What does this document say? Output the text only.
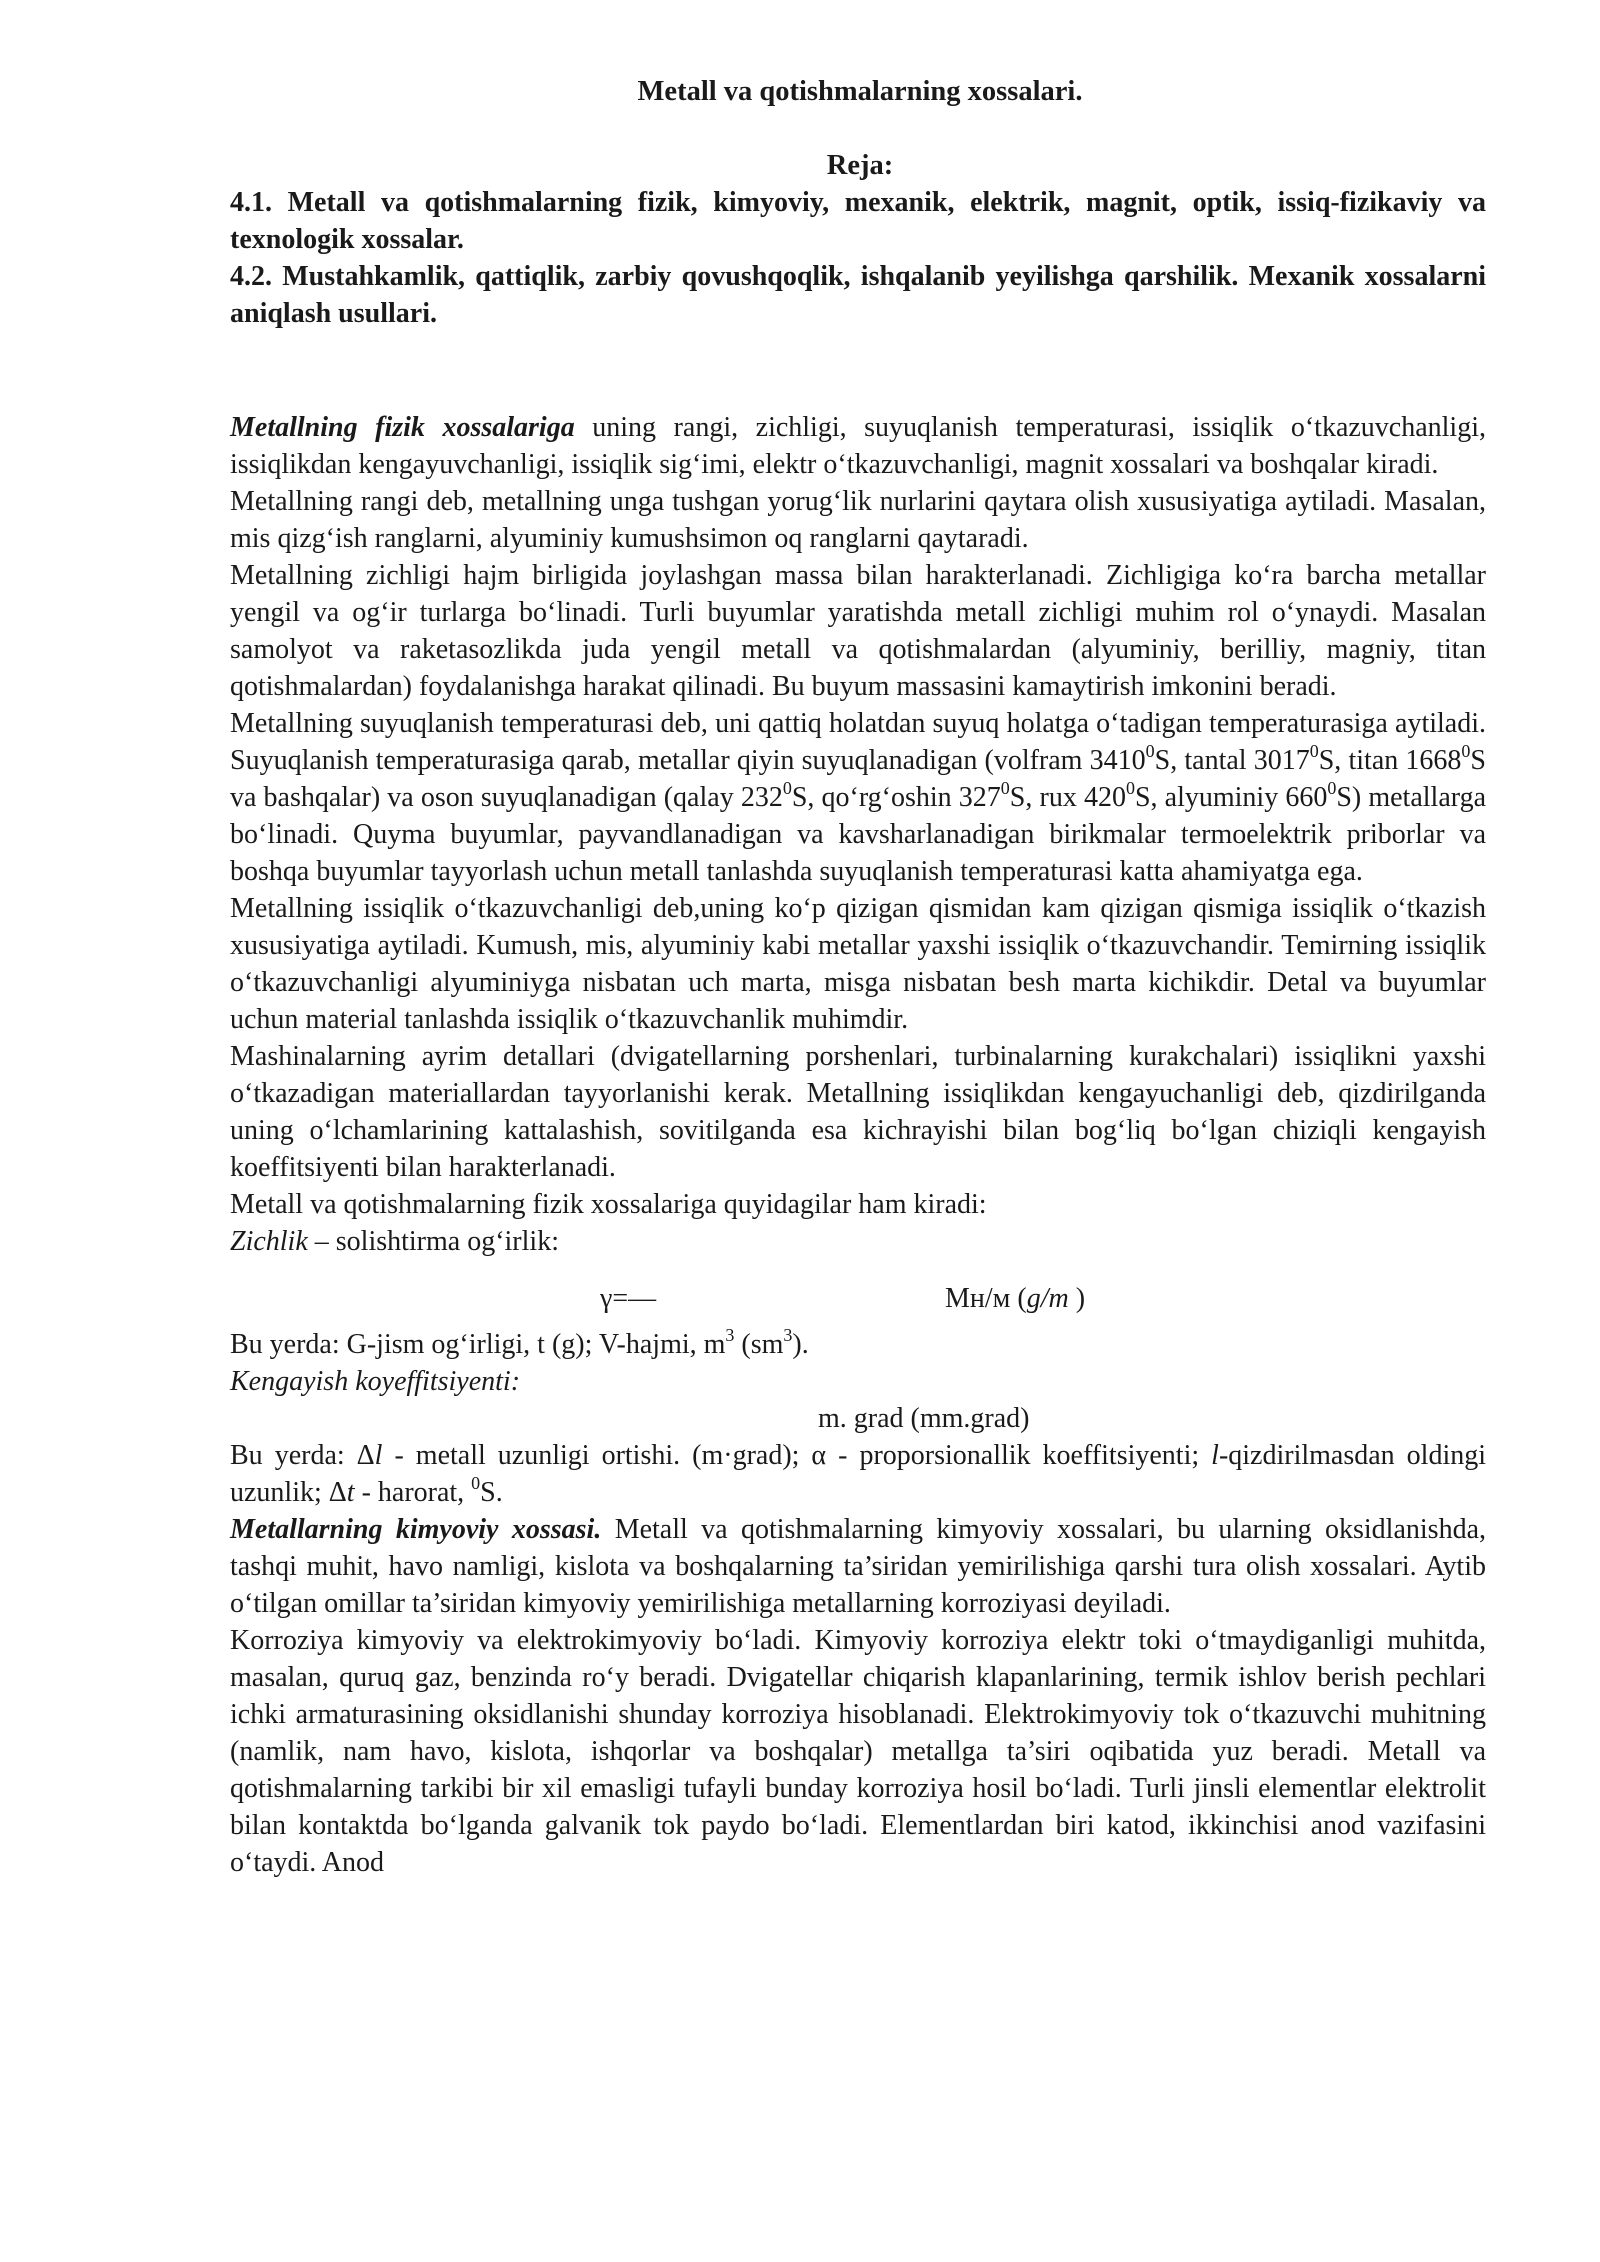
Metall va qotishmalarning xossalari.
Reja:

4.1. Metall va qotishmalarning fizik, kimyoviy, mexanik, elektrik, magnit, optik, issiq-fizikaviy va texnologik xossalar.

4.2. Mustahkamlik, qattiqlik, zarbiy qovushqoqlik, ishqalanib yeyilishga qarshilik. Mexanik xossalarni aniqlash usullari.

Metallning fizik xossalariga uning rangi, zichligi, suyuqlanish temperaturasi, issiqlik o‘tkazuvchanligi, issiqlikdan kengayuvchanligi, issiqlik sig‘imi, elektr o‘tkazuvchanligi, magnit xossalari va boshqalar kiradi.

Metallning rangi deb, metallning unga tushgan yorug‘lik nurlarini qaytara olish xususiyatiga aytiladi. Masalan, mis qizg‘ish ranglarni, alyuminiy kumushsimon oq ranglarni qaytaradi.

Metallning zichligi hajm birligida joylashgan massa bilan harakterlanadi. Zichligiga ko‘ra barcha metallar yengil va og‘ir turlarga bo‘linadi. Turli buyumlar yaratishda metall zichligi muhim rol o‘ynaydi. Masalan samolyot va raketasozlikda juda yengil metall va qotishmalardan (alyuminiy, berilliy, magniy, titan qotishmalardan) foydalanishga harakat qilinadi. Bu buyum massasini kamaytirish imkonini beradi.

Metallning suyuqlanish temperaturasi deb, uni qattiq holatdan suyuq holatga o‘tadigan temperaturasiga aytiladi. Suyuqlanish temperaturasiga qarab, metallar qiyin suyuqlanadigan (volfram 3410$^0$S, tantal 3017$^0$S, titan 1668$^0$S va bashqalar) va oson suyuqlanadigan (qalay $232^0S$, qo‘rg‘oshin $327^0S$, rux $420^0S$, alyuminiy $660^0S$) metallarga bo‘linadi. Quyma buyumlar, payvandlanadigan va kavsharlanadigan birikmalar termoelektrik priborlar va boshqa buyumlar tayyorlash uchun metall tanlashda suyuqlanish temperaturasi katta ahamiyatga ega.

Metallning issiqlik o‘tkazuvchanligi deb,uning ko‘p qizigan qismidan kam qizigan qismiga issiqlik o‘tkazish xususiyatiga aytiladi. Kumush, mis, alyuminiy kabi metallar yaxshi issiqlik o‘tkazuvchandir. Temirning issiqlik o‘tkazuvchanligi alyuminiyga nisbatan uch marta, misga nisbatan besh marta kichikdir. Detal va buyumlar uchun material tanlashda issiqlik o‘tkazuvchanlik muhimdir.

Mashinalarning ayrim detallari (dvigatellarning porshenlari, turbinalarning kurakchalari) issiqlikni yaxshi o‘tkazadigan materiallardan tayyorlanishi kerak. Metallning issiqlikdan kengayuchanligi deb, qizdirilganda uning o‘lchamlarining kattalashish, sovitilganda esa kichrayishi bilan bog‘liq bo‘lgan chiziqli kengayish koeffitsiyenti bilan harakterlanadi.

Metall va qotishmalarning fizik xossalariga quyidagilar ham kiradi:

Zichlik – solishtirma og‘irlik:

γ=—	Мн/м (g/m )

Bu yerda: G-jism og‘irligi, t (g); V-hajmi, $m^3$ $(sm^3)$.

Kengayish koyeffitsiyenti:

m. grad (mm.grad)

Bu yerda: Δl - metall uzunligi ortishi. (m·grad); α - proporsionallik koeffitsiyenti; l-qizdirilmasdan oldingi uzunlik; Δt - harorat, $^0$S.

Metallarning kimyoviy xossasi. Metall va qotishmalarning kimyoviy xossalari, bu ularning oksidlanishda, tashqi muhit, havo namligi, kislota va boshqalarning ta’siridan yemirilishiga qarshi tura olish xossalari. Aytib o‘tilgan omillar ta’siridan kimyoviy yemirilishiga metallarning korroziyasi deyiladi.

Korroziya kimyoviy va elektrokimyoviy bo‘ladi. Kimyoviy korroziya elektr toki o‘tmaydiganligi muhitda, masalan, quruq gaz, benzinda ro‘y beradi. Dvigatellar chiqarish klapanlarining, termik ishlov berish pechlari ichki armaturasining oksidlanishi shunday korroziya hisoblanadi. Elektrokimyoviy tok o‘tkazuvchi muhitning (namlik, nam havo, kislota, ishqorlar va boshqalar) metallga ta’siri oqibatida yuz beradi. Metall va qotishmalarning tarkibi bir xil emasligi tufayli bunday korroziya hosil bo‘ladi. Turli jinsli elementlar elektrolit bilan kontaktda bo‘lganda galvanik tok paydo bo‘ladi. Elementlardan biri katod, ikkinchisi anod vazifasini o‘taydi. Anod
